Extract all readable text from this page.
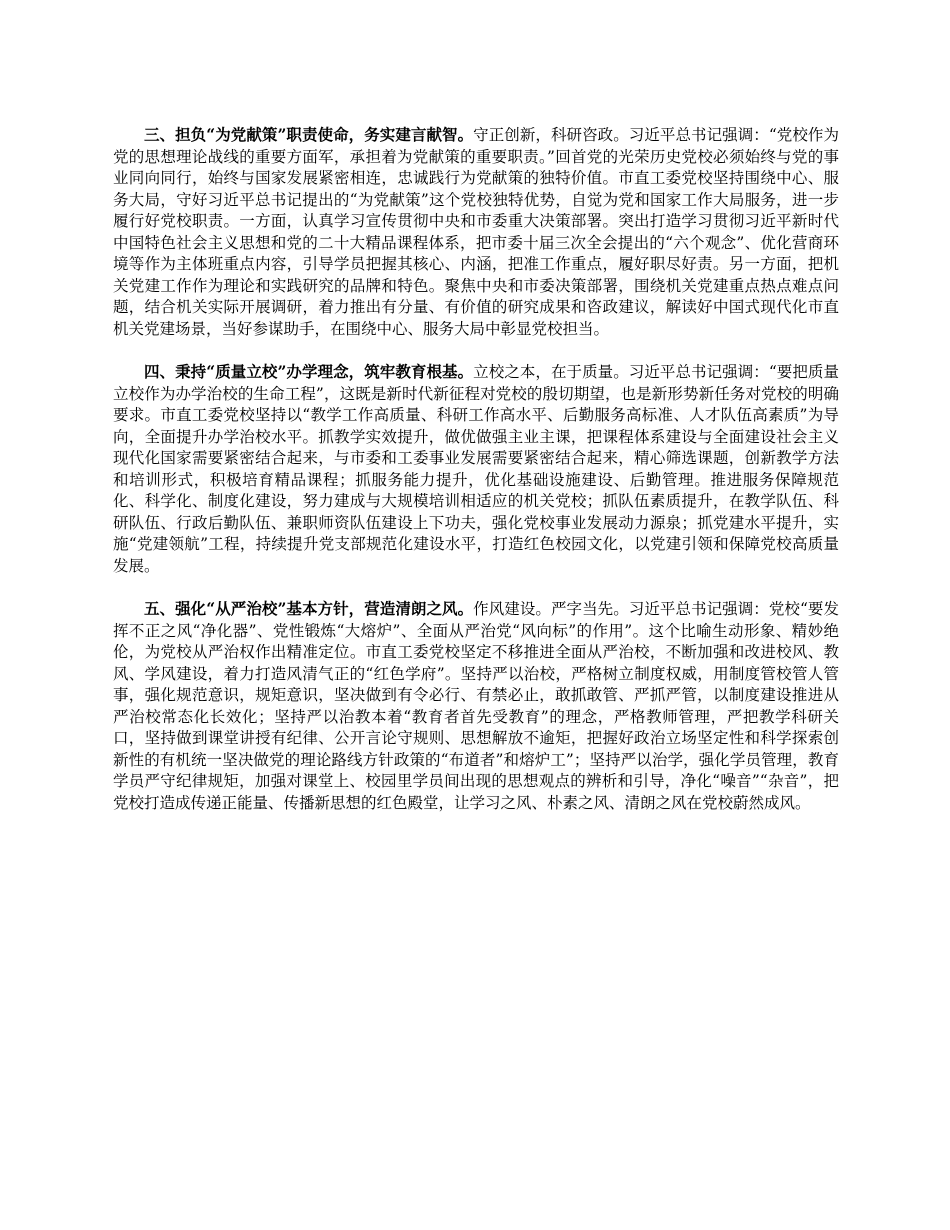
三、担负“为党献策”职责使命，务实建言献智。守正创新，科研咨政。习近平总书记强调：“党校作为党的思想理论战线的重要方面军，承担着为党献策的重要职责。”回首党的光荣历史党校必须始终与党的事业同向同行，始终与国家发展紧密相连，忠诚践行为党献策的独特价值。市直工委党校坚持围绕中心、服务大局，守好习近平总书记提出的“为党献策”这个党校独特优势，自觉为党和国家工作大局服务，进一步履行好党校职责。一方面，认真学习宣传贯彻中央和市委重大决策部署。突出打造学习贯彻习近平新时代中国特色社会主义思想和党的二十大精品课程体系，把市委十届三次全会提出的“六个观念”、优化营商环境等作为主体班重点内容，引导学员把握其核心、内涵，把准工作重点，履好职尽好责。另一方面，把机关党建工作作为理论和实践研究的品牌和特色。聚焦中央和市委决策部署，围绕机关党建重点热点难点问题，结合机关实际开展调研，着力推出有分量、有价值的研究成果和咨政建议，解读好中国式现代化市直机关党建场景，当好参谋助手，在围绕中心、服务大局中彰显党校担当。

四、秉持“质量立校”办学理念，筑牢教育根基。立校之本，在于质量。习近平总书记强调：“要把质量立校作为办学治校的生命工程”，这既是新时代新征程对党校的殷切期望，也是新形势新任务对党校的明确要求。市直工委党校坚持以“教学工作高质量、科研工作高水平、后勤服务高标准、人才队伍高素质”为导向，全面提升办学治校水平。抓教学实效提升，做优做强主业主课，把课程体系建设与全面建设社会主义现代化国家需要紧密结合起来，与市委和工委事业发展需要紧密结合起来，精心筛选课题，创新教学方法和培训形式，积极培育精品课程；抓服务能力提升，优化基础设施建设、后勤管理。推进服务保障规范化、科学化、制度化建设，努力建成与大规模培训相适应的机关党校；抓队伍素质提升，在教学队伍、科研队伍、行政后勤队伍、兼职师资队伍建设上下功夫，强化党校事业发展动力源泉；抓党建水平提升，实施“党建领航”工程，持续提升党支部规范化建设水平，打造红色校园文化，以党建引领和保障党校高质量发展。

五、强化“从严治校”基本方针，营造清朗之风。作风建设。严字当先。习近平总书记强调：党校“要发挥不正之风“净化器”、党性锻炼“大熔炉”、全面从严治党“风向标”的作用”。这个比喻生动形象、精妙绝伦，为党校从严治权作出精准定位。市直工委党校坚定不移推进全面从严治校，不断加强和改进校风、教风、学风建设，着力打造风清气正的“红色学府”。坚持严以治校，严格树立制度权威，用制度管校管人管事，强化规范意识，规矩意识，坚决做到有令必行、有禁必止，敢抓敢管、严抓严管，以制度建设推进从严治校常态化长效化；坚持严以治教本着“教育者首先受教育”的理念，严格教师管理，严把教学科研关口，坚持做到课堂讲授有纪律、公开言论守规则、思想解放不逾矩，把握好政治立场坚定性和科学探索创新性的有机统一坚决做党的理论路线方针政策的“布道者”和熔炉工”；坚持严以治学，强化学员管理，教育学员严守纪律规矩，加强对课堂上、校园里学员间出现的思想观点的辨析和引导，净化“噪音”“杂音”，把党校打造成传递正能量、传播新思想的红色殿堂，让学习之风、朴素之风、清朗之风在党校蔚然成风。
